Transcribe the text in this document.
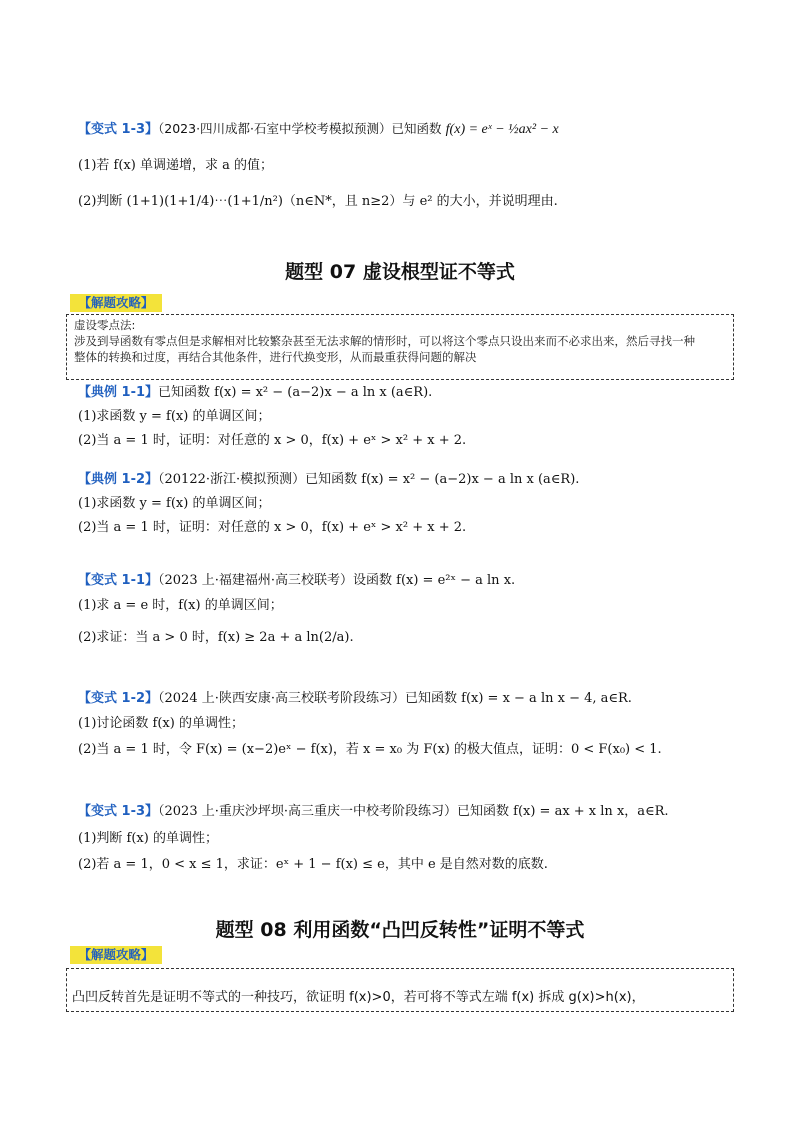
【变式 1-3】（2023·四川成都·石室中学校考模拟预测）已知函数 f(x) = eˣ − ½ax² − x
(1)若 f(x) 单调递增，求 a 的值；
(2)判断 (1+1)(1+1/4)⋯(1+1/n²)（n∈N*，且 n≥2）与 e² 的大小，并说明理由.
题型 07 虚设根型证不等式
【解题攻略】
虚设零点法:
涉及到导函数有零点但是求解相对比较繁杂甚至无法求解的情形时，可以将这个零点只设出来而不必求出来，然后寻找一种
整体的转换和过度，再结合其他条件，进行代换变形，从而最重获得问题的解决
【典例 1-1】已知函数 f(x) = x² − (a−2)x − a ln x (a∈R).
(1)求函数 y = f(x) 的单调区间；
(2)当 a = 1 时，证明：对任意的 x > 0，f(x) + eˣ > x² + x + 2.
【典例 1-2】（20122·浙江·模拟预测）已知函数 f(x) = x² − (a−2)x − a ln x (a∈R).
(1)求函数 y = f(x) 的单调区间；
(2)当 a = 1 时，证明：对任意的 x > 0，f(x) + eˣ > x² + x + 2.
【变式 1-1】（2023 上·福建福州·高三校联考）设函数 f(x) = e²ˣ − a ln x.
(1)求 a = e 时，f(x) 的单调区间；
(2)求证：当 a > 0 时，f(x) ≥ 2a + a ln(2/a).
【变式 1-2】（2024 上·陕西安康·高三校联考阶段练习）已知函数 f(x) = x − a ln x − 4, a∈R.
(1)讨论函数 f(x) 的单调性；
(2)当 a = 1 时，令 F(x) = (x−2)eˣ − f(x)，若 x = x₀ 为 F(x) 的极大值点，证明：0 < F(x₀) < 1.
【变式 1-3】（2023 上·重庆沙坪坝·高三重庆一中校考阶段练习）已知函数 f(x) = ax + x ln x，a∈R.
(1)判断 f(x) 的单调性；
(2)若 a = 1，0 < x ≤ 1，求证：eˣ + 1 − f(x) ≤ e，其中 e 是自然对数的底数.
题型 08 利用函数“凸凹反转性”证明不等式
【解题攻略】
凸凹反转首先是证明不等式的一种技巧，欲证明 f(x)>0，若可将不等式左端 f(x) 拆成 g(x)>h(x)，
